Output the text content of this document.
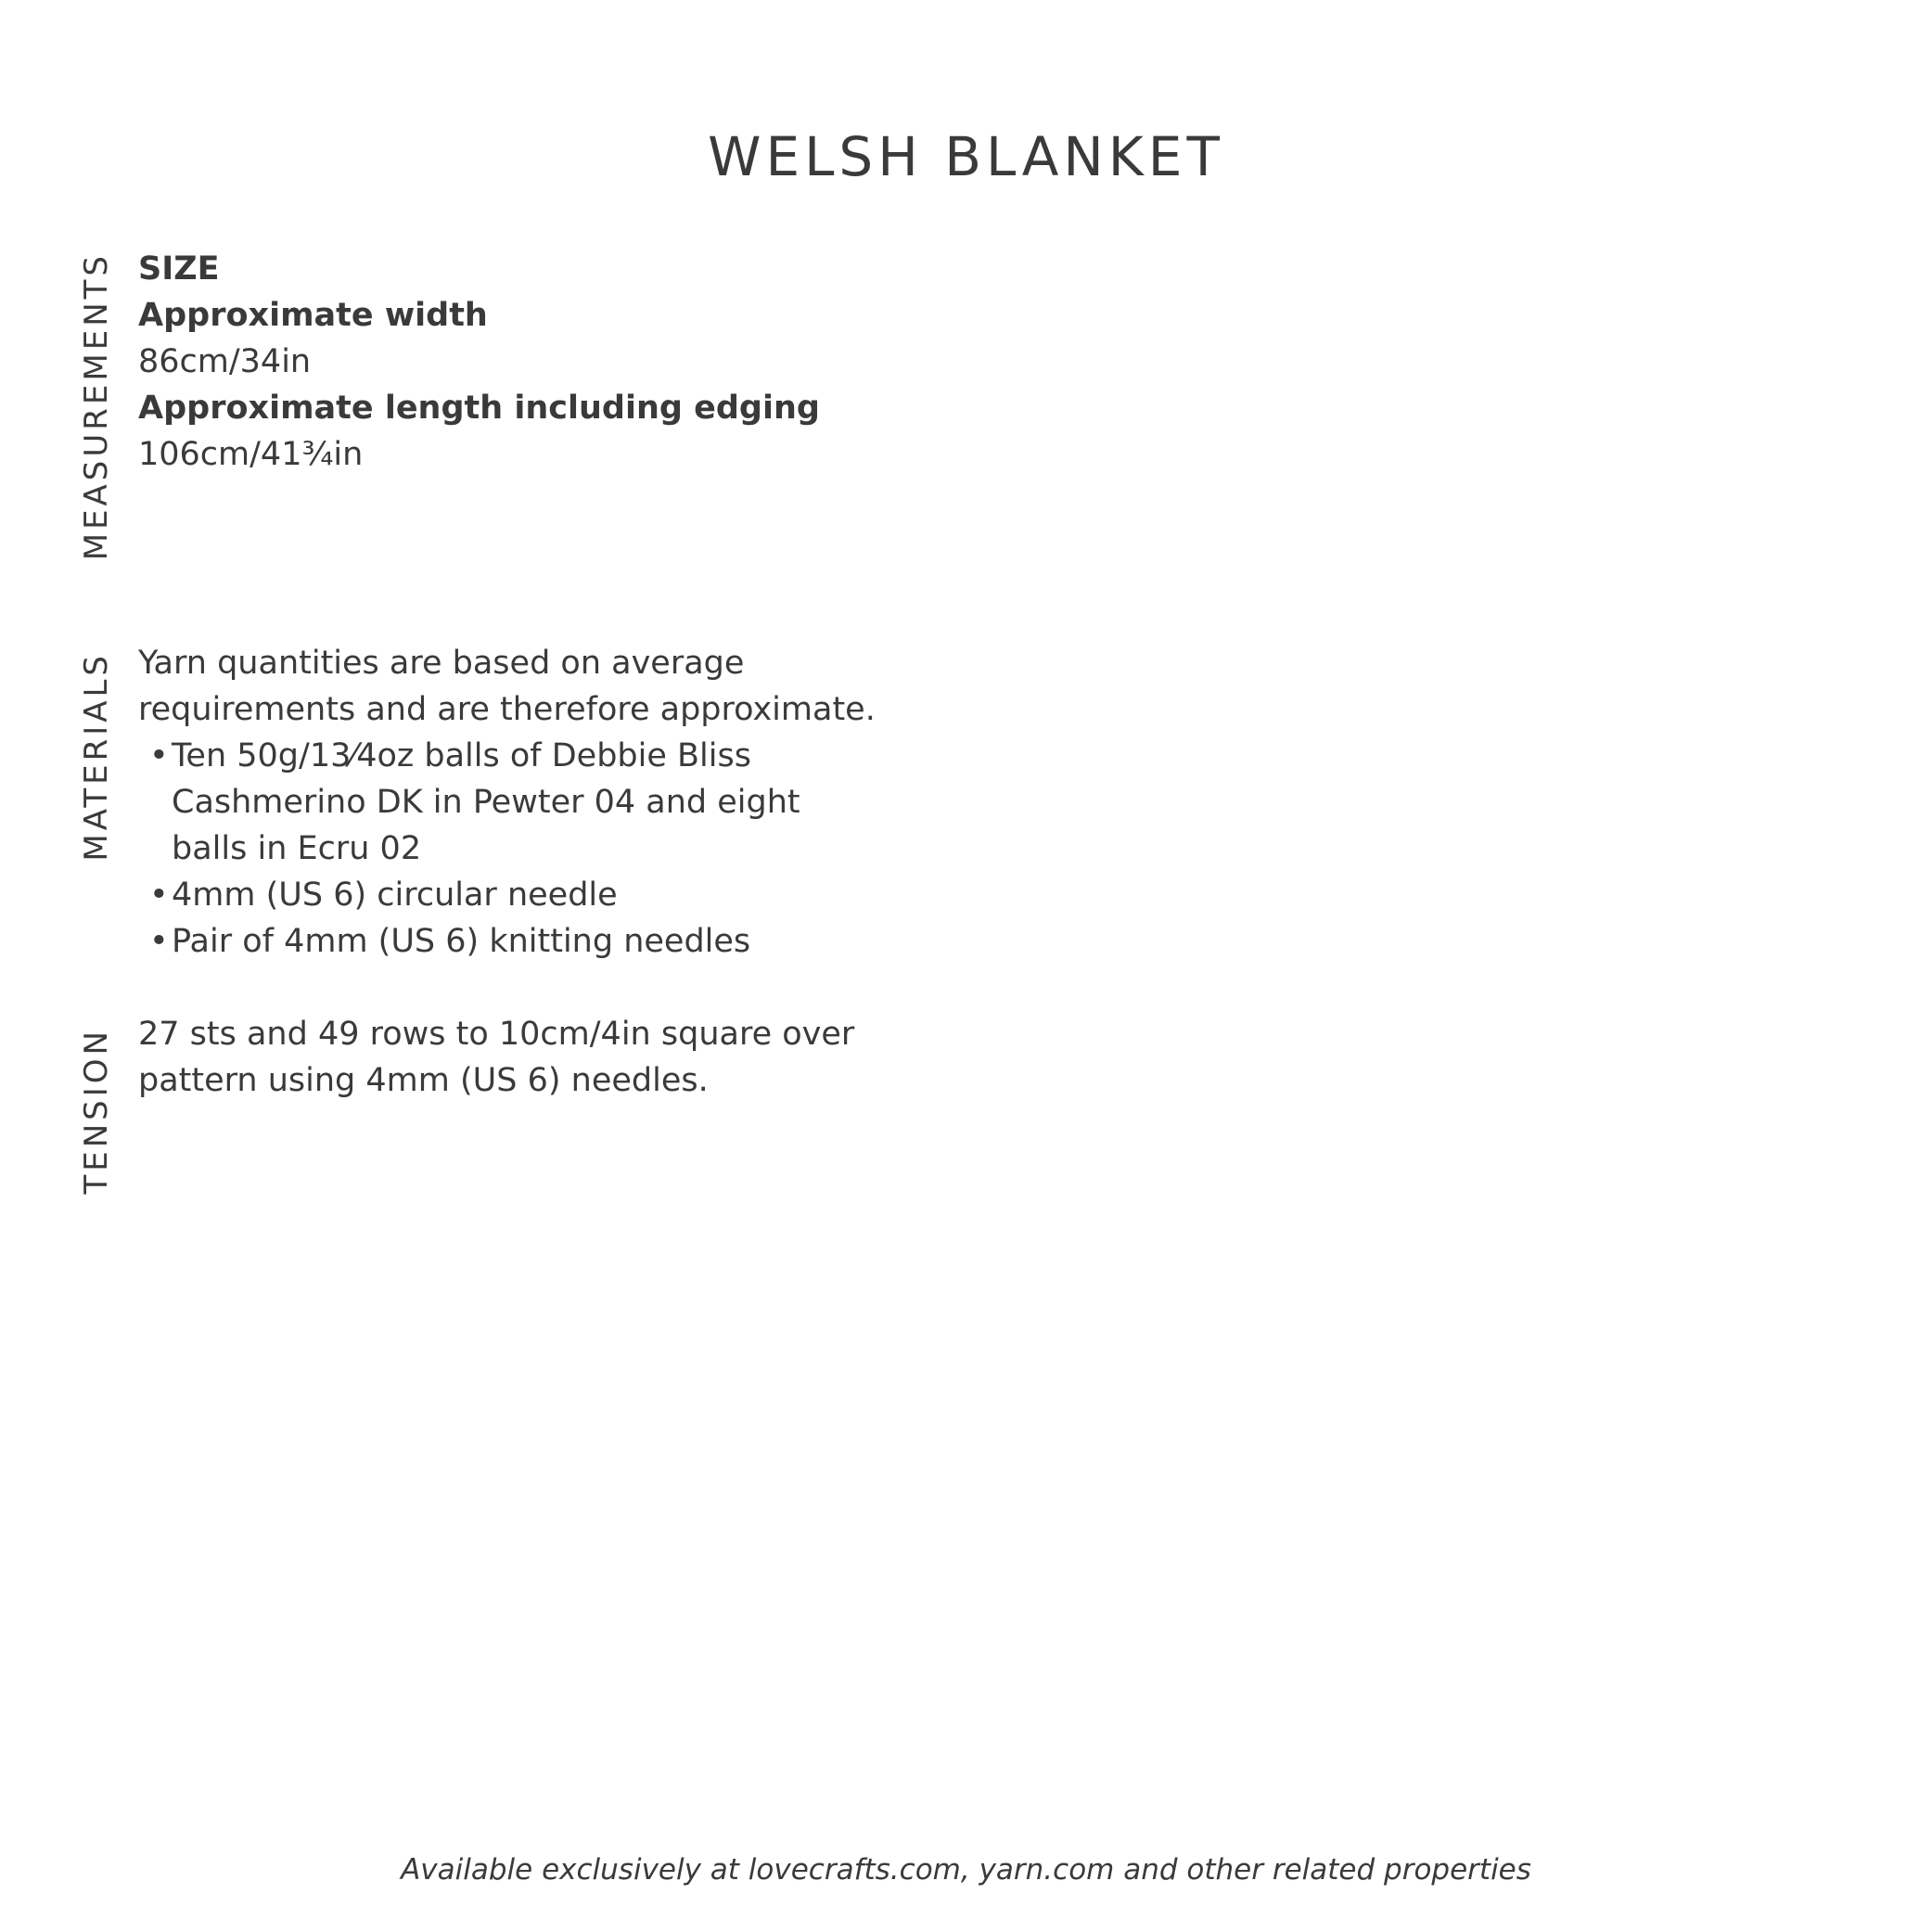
WELSH BLANKET
MEASUREMENTS SIZE

Approximate width

86cm/34in

Approximate length including edging

106cm/41¾in

MATERIALS Yarn quantities are based on average

requirements and are therefore approximate.

• Ten 50g/13⁄4oz balls of Debbie Bliss
Cashmerino DK in Pewter 04 and eight
balls in Ecru 02
• 4mm (US 6) circular needle
• Pair of 4mm (US 6) knitting needles
TENSION 27 sts and 49 rows to 10cm/4in square over

pattern using 4mm (US 6) needles.

Available exclusively at lovecrafts.com, yarn.com and other related properties
